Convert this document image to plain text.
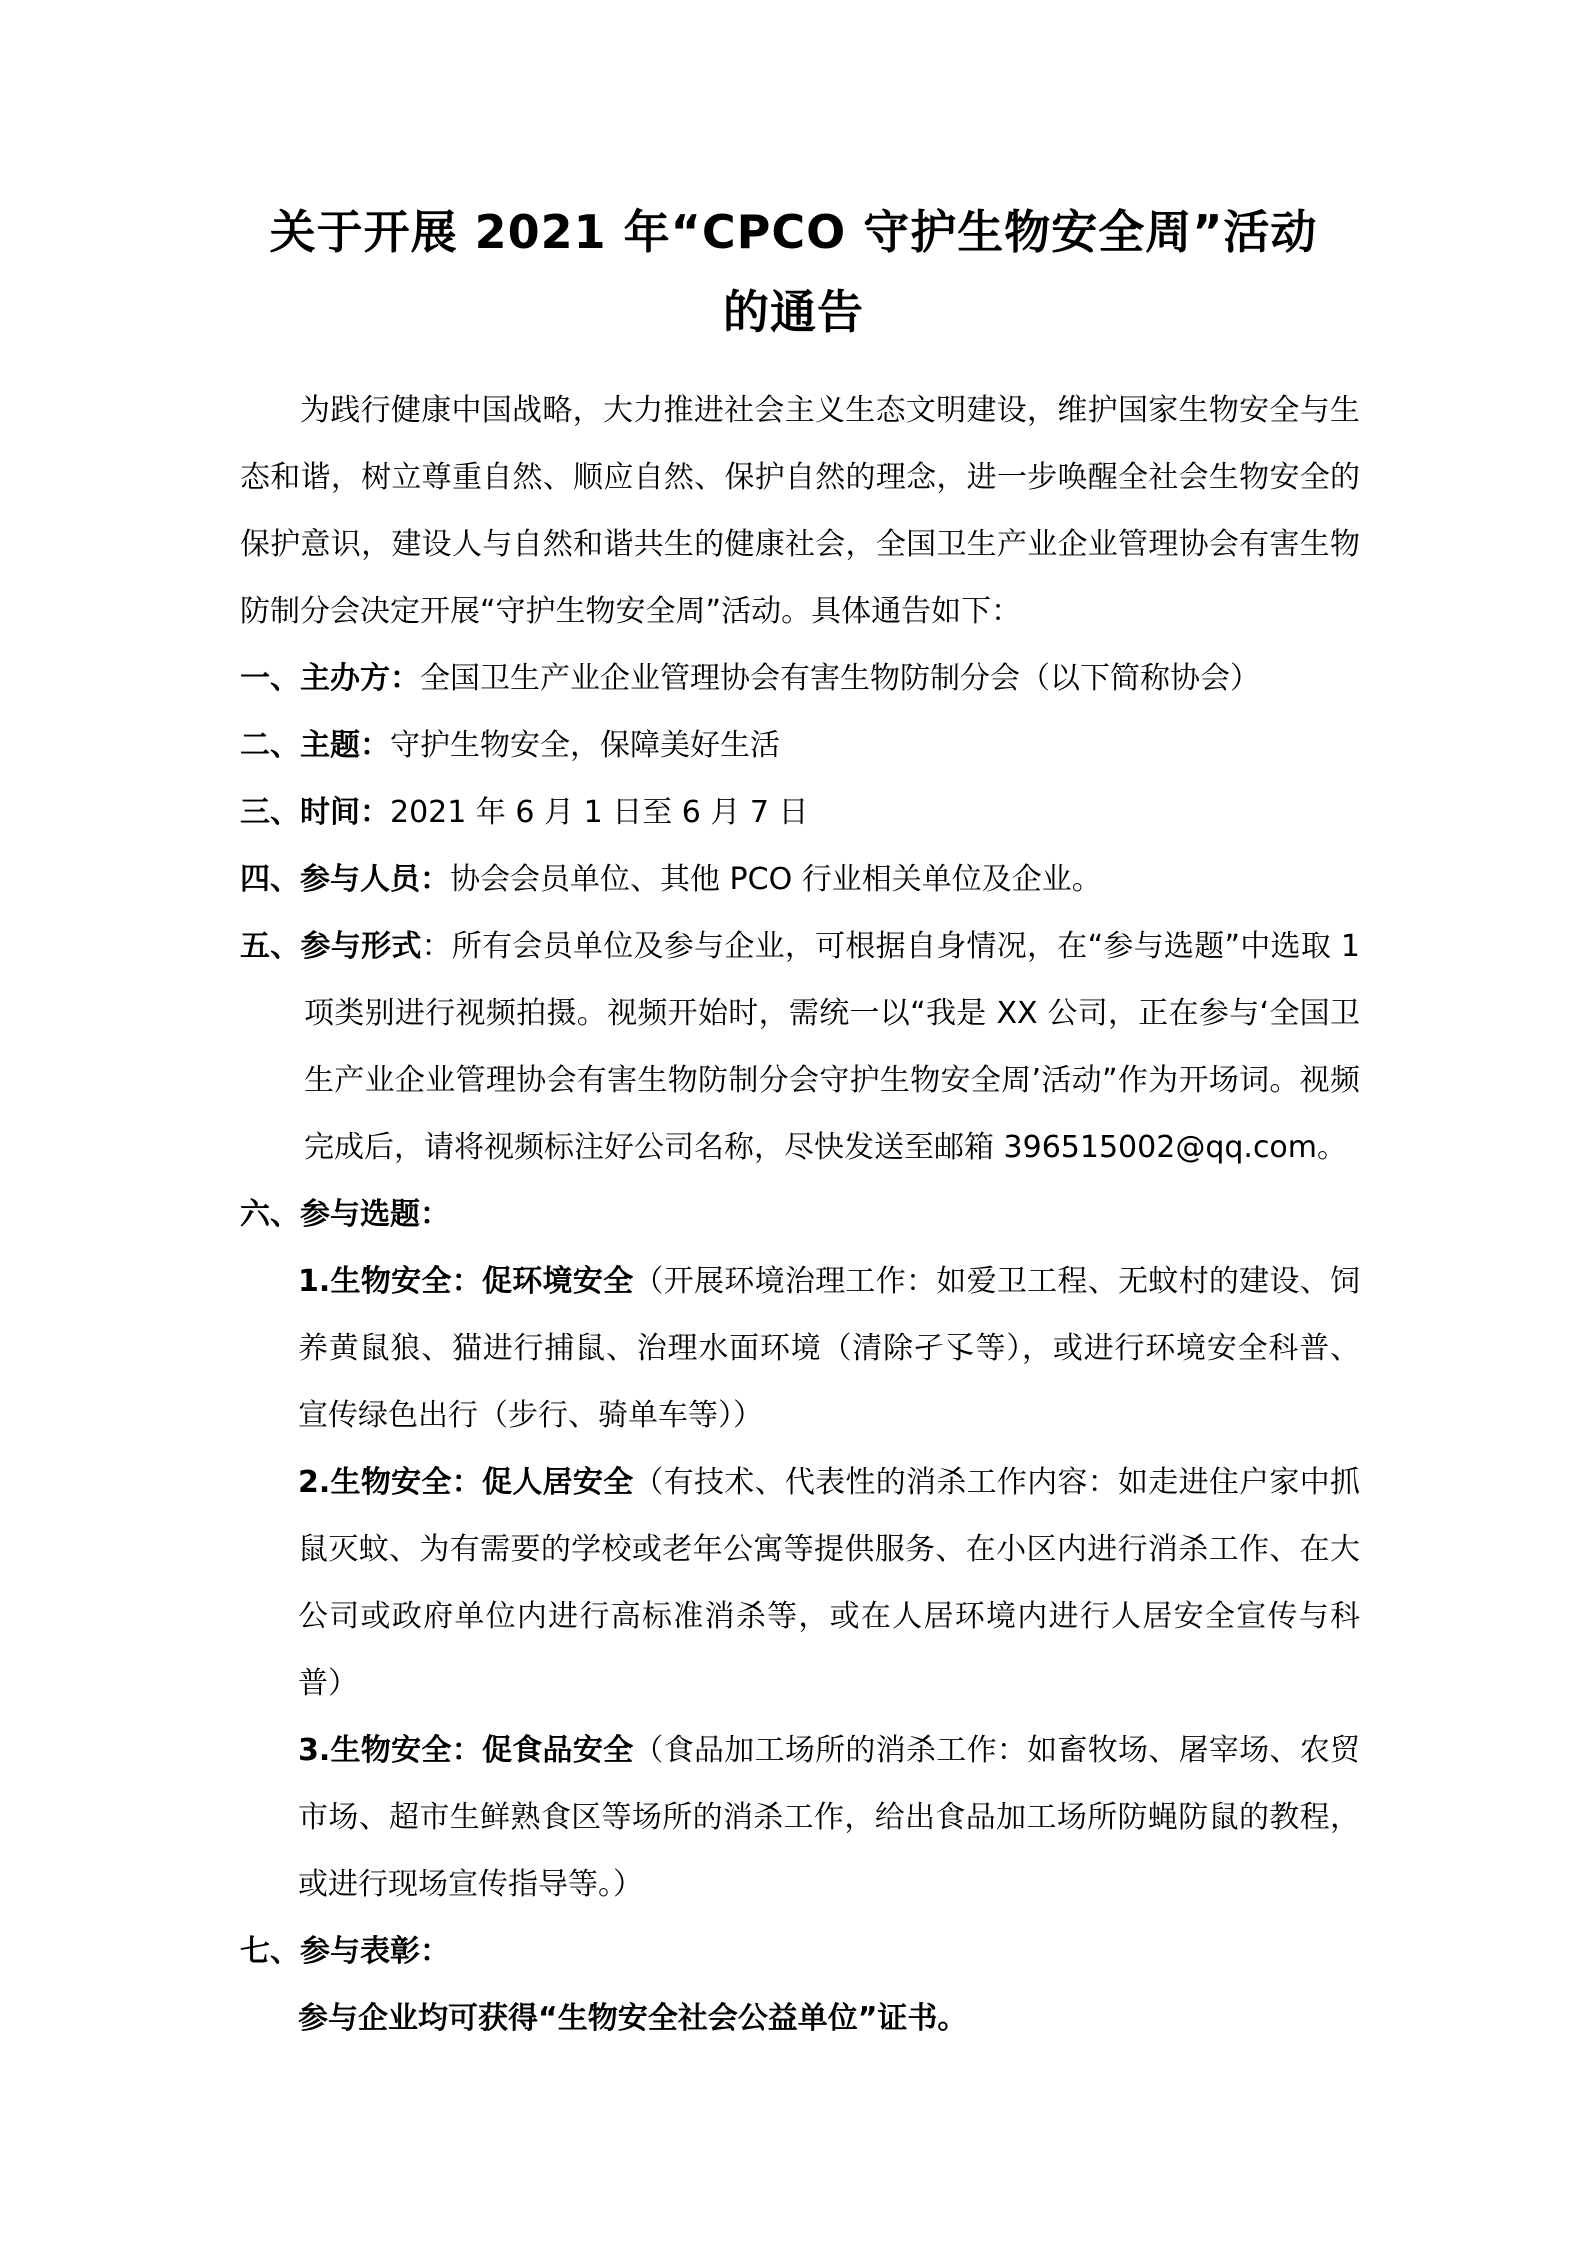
关于开展 2021 年“CPCO 守护生物安全周”活动
的通告

为践行健康中国战略，大力推进社会主义生态文明建设，维护国家生物安全与生态和谐，树立尊重自然、顺应自然、保护自然的理念，进一步唤醒全社会生物安全的保护意识，建设人与自然和谐共生的健康社会，全国卫生产业企业管理协会有害生物防制分会决定开展“守护生物安全周”活动。具体通告如下：

一、主办方：全国卫生产业企业管理协会有害生物防制分会（以下简称协会）

二、主题：守护生物安全，保障美好生活

三、时间：2021 年 6 月 1 日至 6 月 7 日

四、参与人员：协会会员单位、其他 PCO 行业相关单位及企业。

五、参与形式：所有会员单位及参与企业，可根据自身情况，在“参与选题”中选取 1 项类别进行视频拍摄。视频开始时，需统一以“我是 XX 公司，正在参与‘全国卫生产业企业管理协会有害生物防制分会守护生物安全周’活动”作为开场词。视频完成后，请将视频标注好公司名称，尽快发送至邮箱 396515002@qq.com。

六、参与选题：

1.生物安全：促环境安全（开展环境治理工作：如爱卫工程、无蚊村的建设、饲养黄鼠狼、猫进行捕鼠、治理水面环境（清除孑孓等），或进行环境安全科普、宣传绿色出行（步行、骑单车等））

2.生物安全：促人居安全（有技术、代表性的消杀工作内容：如走进住户家中抓鼠灭蚊、为有需要的学校或老年公寓等提供服务、在小区内进行消杀工作、在大公司或政府单位内进行高标准消杀等，或在人居环境内进行人居安全宣传与科普）

3.生物安全：促食品安全（食品加工场所的消杀工作：如畜牧场、屠宰场、农贸市场、超市生鲜熟食区等场所的消杀工作，给出食品加工场所防蝇防鼠的教程，或进行现场宣传指导等。）

七、参与表彰：

参与企业均可获得“生物安全社会公益单位”证书。
